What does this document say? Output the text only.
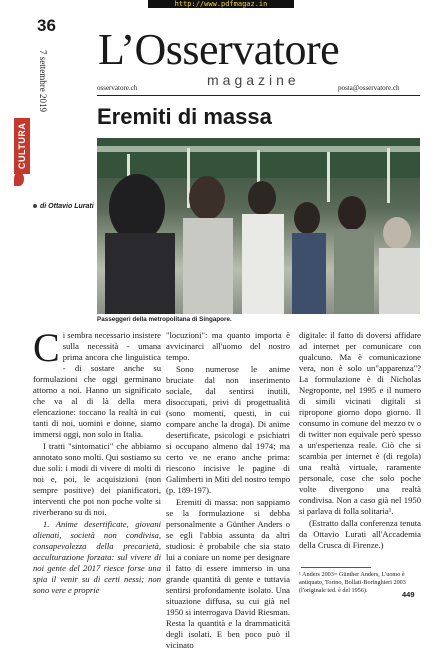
http://www.pdfmagaz.in
36
7 settembre 2019
CULTURA
L’Osservatore
magazine
osservatore.ch	posta@osservatore.ch
Eremiti di massa
Passeggeri della metropolitana di Singapore.
di Ottavio Lurati

Ci sembra necessario insistere sulla necessità - umana prima ancora che linguistica - di sostare anche su formulazioni che oggi germinano attorno a noi. Hanno un significato che va al di là della mera elencazione: toccano la realtà in cui tanti di noi, uomini e donne, siamo immersi oggi, non solo in Italia.

I tratti "sintomatici" che abbiamo annotato sono molti. Qui sostiamo su due soli: i modi di vivere di molti di noi e, poi, le acquisizioni (non sempre positive) dei pianificatori, interventi che poi non poche volte si riverberano su di noi.

1. Anime desertificate, giovani alienati, società non condivisa, consapevolezza della precarietà, acculturazione forzata: sul vivere di noi gente del 2017 riesce forse una spia il venir su di certi nessi; non sono vere e proprie

"locuzioni": ma quanto importa è avvicinarci all'uomo del nostro tempo.

Sono numerose le anime bruciate dal non inserimento sociale, dal sentirsi inutili, disoccupati, privi di progettualità (sono momenti, questi, in cui compare anche la droga). Di anime desertificate, psicologi e psichiatri si occupano almeno dal 1974; ma certo ve ne erano anche prima: riescono incisive le pagine di Galimberti in Miti del nostro tempo (p. 189-197).

Eremiti di massa: non sappiamo se la formulazione si debba personalmente a Günther Anders o se egli l'abbia assunta da altri studiosi: è probabile che sia stato lui a coniare un nome per designare il fatto di essere immerso in una grande quantità di gente e tuttavia sentirsi profondamente isolato. Una situazione diffusa, su cui già nel 1950 si interrogava David Riesman. Resta la quantità e la drammaticità degli isolati. E ben poco può il vicinato

digitale: il fatto di doversi affidare ad internet per comunicare con qualcuno. Ma è comunicazione vera, non è solo un"apparenza"? La formulazione è di Nicholas Negroponte, nel 1995 e il numero di simili vicinati digitali si ripropone giorno dopo giorno. Il consumo in comune del mezzo tv o di twitter non equivale però spesso a un'esperienza reale. Ciò che si scambia per internet è (di regola) una realtà virtuale, raramente personale, cose che solo poche volte divergono una realtà condivisa. Non a caso già nel 1950 si parlava di folla solitaria¹.

(Estratto dalla conferenza tenuta da Ottavio Lurati all'Accademia della Crusca di Firenze.)

¹ Anders 2003= Günther Anders, L'uomo è antiquato, Torino, Bollati-Boringhieri 2003 (l'originale ted. è del 1956).	449
